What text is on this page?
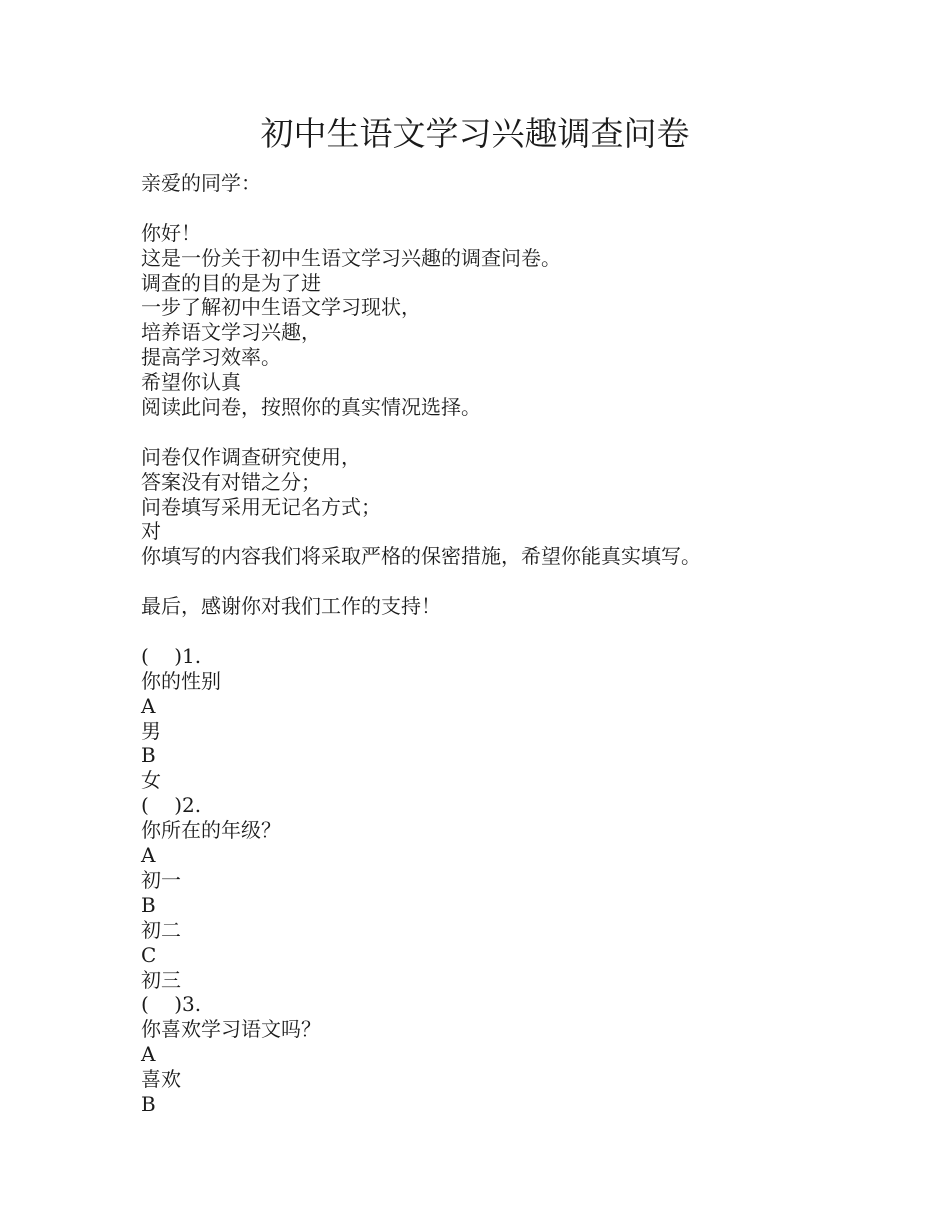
初中生语文学习兴趣调查问卷
亲爱的同学：
你好！
这是一份关于初中生语文学习兴趣的调查问卷。
调查的目的是为了进
一步了解初中生语文学习现状，
培养语文学习兴趣，
提高学习效率。
希望你认真
阅读此问卷，按照你的真实情况选择。
问卷仅作调查研究使用，
答案没有对错之分；
问卷填写采用无记名方式；
对
你填写的内容我们将采取严格的保密措施，希望你能真实填写。
最后，感谢你对我们工作的支持！
(    )1.
你的性别
A
男
B
女
(    )2.
你所在的年级？
A
初一
B
初二
C
初三
(    )3.
你喜欢学习语文吗？
A
喜欢
B
